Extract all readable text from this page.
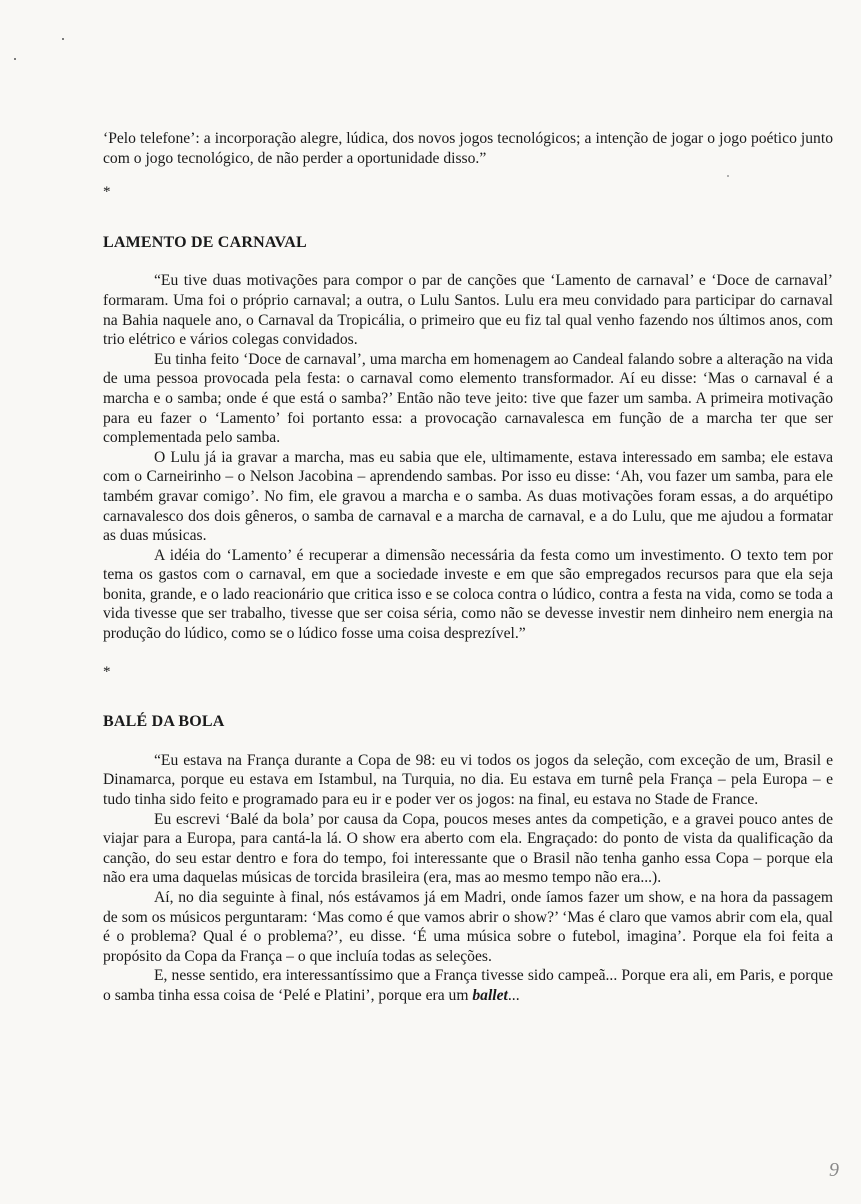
‘Pelo telefone’: a incorporação alegre, lúdica, dos novos jogos tecnológicos; a intenção de jogar o jogo poético junto com o jogo tecnológico, de não perder a oportunidade disso.”

*

LAMENTO DE CARNAVAL

“Eu tive duas motivações para compor o par de canções que ‘Lamento de carnaval’ e ‘Doce de carnaval’ formaram. Uma foi o próprio carnaval; a outra, o Lulu Santos. Lulu era meu convidado para participar do carnaval na Bahia naquele ano, o Carnaval da Tropicália, o primeiro que eu fiz tal qual venho fazendo nos últimos anos, com trio elétrico e vários colegas convidados.

Eu tinha feito ‘Doce de carnaval’, uma marcha em homenagem ao Candeal falando sobre a alteração na vida de uma pessoa provocada pela festa: o carnaval como elemento transformador. Aí eu disse: ‘Mas o carnaval é a marcha e o samba; onde é que está o samba?’ Então não teve jeito: tive que fazer um samba. A primeira motivação para eu fazer o ‘Lamento’ foi portanto essa: a provocação carnavalesca em função de a marcha ter que ser complementada pelo samba.

O Lulu já ia gravar a marcha, mas eu sabia que ele, ultimamente, estava interessado em samba; ele estava com o Carneirinho – o Nelson Jacobina – aprendendo sambas. Por isso eu disse: ‘Ah, vou fazer um samba, para ele também gravar comigo’. No fim, ele gravou a marcha e o samba. As duas motivações foram essas, a do arquétipo carnavalesco dos dois gêneros, o samba de carnaval e a marcha de carnaval, e a do Lulu, que me ajudou a formatar as duas músicas.

A idéia do ‘Lamento’ é recuperar a dimensão necessária da festa como um investimento. O texto tem por tema os gastos com o carnaval, em que a sociedade investe e em que são empregados recursos para que ela seja bonita, grande, e o lado reacionário que critica isso e se coloca contra o lúdico, contra a festa na vida, como se toda a vida tivesse que ser trabalho, tivesse que ser coisa séria, como não se devesse investir nem dinheiro nem energia na produção do lúdico, como se o lúdico fosse uma coisa desprezível.”

*

BALÉ DA BOLA

“Eu estava na França durante a Copa de 98: eu vi todos os jogos da seleção, com exceção de um, Brasil e Dinamarca, porque eu estava em Istambul, na Turquia, no dia. Eu estava em turnê pela França – pela Europa – e tudo tinha sido feito e programado para eu ir e poder ver os jogos: na final, eu estava no Stade de France.

Eu escrevi ‘Balé da bola’ por causa da Copa, poucos meses antes da competição, e a gravei pouco antes de viajar para a Europa, para cantá-la lá. O show era aberto com ela. Engraçado: do ponto de vista da qualificação da canção, do seu estar dentro e fora do tempo, foi interessante que o Brasil não tenha ganho essa Copa – porque ela não era uma daquelas músicas de torcida brasileira (era, mas ao mesmo tempo não era...).

Aí, no dia seguinte à final, nós estávamos já em Madri, onde íamos fazer um show, e na hora da passagem de som os músicos perguntaram: ‘Mas como é que vamos abrir o show?’ ‘Mas é claro que vamos abrir com ela, qual é o problema? Qual é o problema?’, eu disse. ‘É uma música sobre o futebol, imagina’. Porque ela foi feita a propósito da Copa da França – o que incluía todas as seleções.

E, nesse sentido, era interessantíssimo que a França tivesse sido campeã... Porque era ali, em Paris, e porque o samba tinha essa coisa de ‘Pelé e Platini’, porque era um ballet...

9
